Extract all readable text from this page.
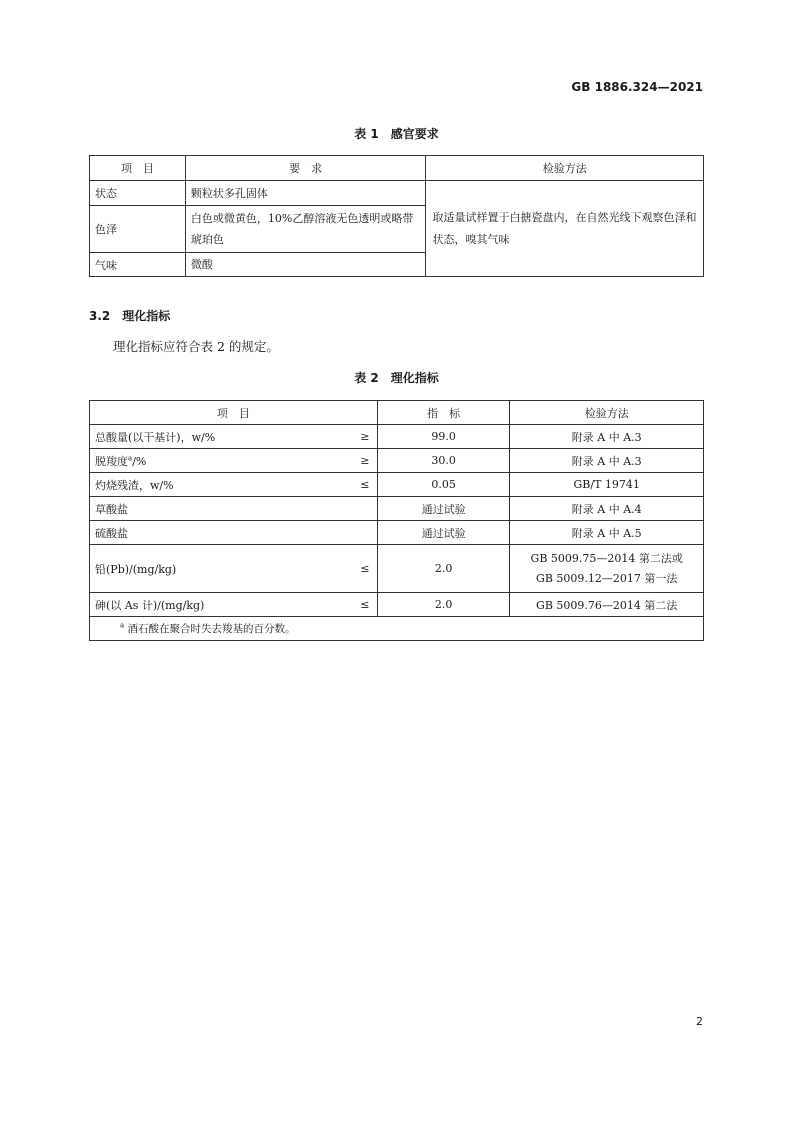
GB 1886.324—2021
表 1 感官要求
项　目	要　求	检验方法
状态	颗粒状多孔固体	取适量试样置于白搪瓷盘内，在自然光线下观察色泽和状态，嗅其气味
色泽	白色或微黄色，10%乙醇溶液无色透明或略带琥珀色	
气味	微酸	
3.2 理化指标
理化指标应符合表 2 的规定。
表 2 理化指标
项　目		指　标	检验方法
总酸量(以干基计)，w/%	≥	99.0	附录 A 中 A.3
脱羧度$^a$/%	≥	30.0	附录 A 中 A.3
灼烧残渣，w/%	≤	0.05	GB/T 19741
草酸盐		通过试验	附录 A 中 A.4
硫酸盐		通过试验	附录 A 中 A.5
铅(Pb)/(mg/kg)	≤	2.0	GB 5009.75—2014 第二法或
GB 5009.12—2017 第一法

砷(以 As 计)/(mg/kg)	≤	2.0	GB 5009.76—2014 第二法
$^a$ 酒石酸在聚合时失去羧基的百分数。			
2
